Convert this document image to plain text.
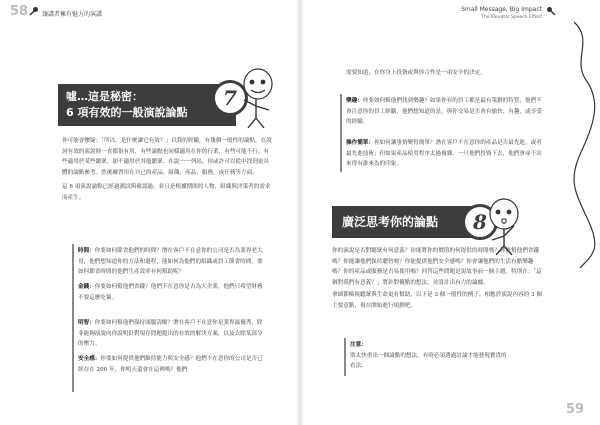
58 讓講者擁有魅力的演講
噓…這是秘密：
6 項有效的一般演說論點
7

你可能會懷疑：「所以，是什麼讓它有效？」以我的經驗，有幾個一般性的論點，在說詞有效的演說時一直都很有用，有些論點也同樣適用在你的行業，有些可能不行；有些適用於某些聽眾，卻不適用於其他聽眾。在說一一列出，你或許可以從中找到更具體的論點參考。然後練習用在自己的產品、組織、產品、服務，或任務等方面。

這 6 項演說論點已經過測試與確認過，並且是根據期間的人物、組織與決策者的需求而產生。

時間：你要如何節省他們的時間？潛在客戶不在意你的公司是否為業界老大哥，他們想知道你的方法和過程，能如何為他們的組織或員工節省時間。要如何節省時間的他們生產效率有何幫助呢？
金錢：你要如何幫他們省錢？他們不在意你是否為大企業，他們只希望財務不要這麼吃緊。
明智：你要如何幫他們保持頭腦清醒？潛在客戶不在意你是業界最優秀，除非能夠演說向你說明針對現存問題提出的有效的解決方案，以及去除某部分的壓力。
安全感：你要如何提供他們維持能力與安全感？他們不在意你的公司是否已經存在 200 年，你明天還會在這裡嗎？他們
Small Message, Big Impact
The Elevator Speech Effect
59
需要知道，在你身上投資或與你合作是一項安全的決定。
樂趣：你要如何幫他們找到樂趣？如果你有的員工都是最有策劃的特質，他們不會注意你的員工經驗，他們想知道的是，與你交易是否會有愉快、有趣，或享受的經驗。
操作簡單：你如何讓事情變得簡單？潛在客戶不在意你的產品是否最先進，或者最先進技術；但如果產品使用程序太過複雜，一旦他們投資下去，他們會尋不出來得有誰來為的印象。
廣泛思考你的論點	8

你的演說是否對聽眾有何意義？你能將你的價值的何提供的時間嗎？你能幫他們省錢嗎？你能讓他們保持聰智嗎？你能提供他們安全感嗎？你會讓他們的生活有點樂趣嗎？你的產品或服務是否易使用嗎？回答這些問題是說故事前一個主題，特別在：「這個對我們有意義？」將針對優點的想法，並設計出有力的論據。

拿細節檢視聽眾與生命更有幫助，以下是 3 個一般性的例子，相應於演說內容的 3 個主要意點，現在開始進行規劃吧。

注意：
別太快重出一個論點的想法，有時必須透過討論才能發現寶貴的看法。
